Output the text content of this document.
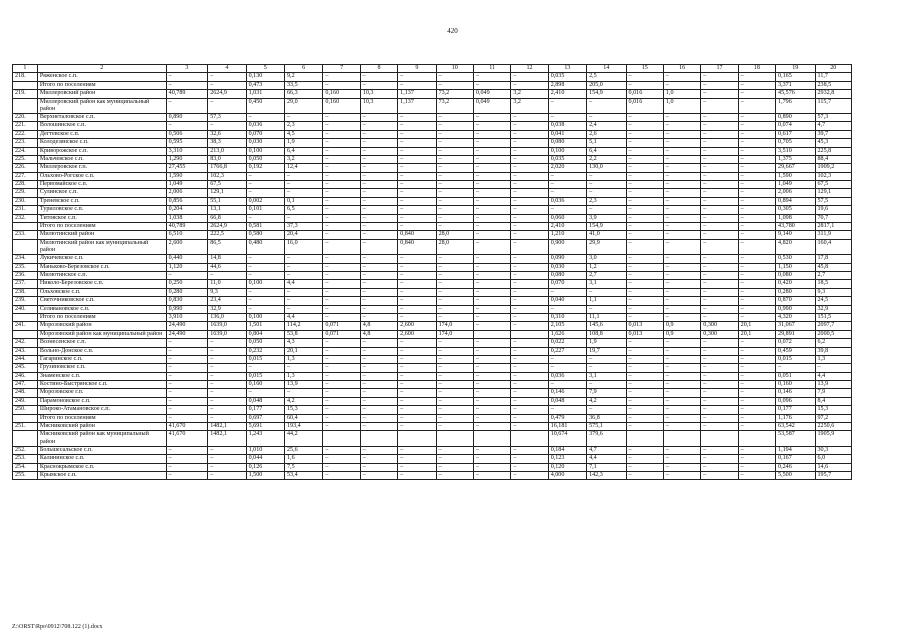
420
1	2	3	4	5	6	7	8	9	10	11	12	13	14	15	16	17	18	19	20
218.	Ряженское с.п.	–	–	0,130	9,2	–	–	–	–	–	–	0,035	2,5	–	–	–	–	0,165	11,7
	Итого по поселениям	–	–	0,473	33,5	–	–	–	–	–	–	2,898	205,0	–	–	–	–	3,371	238,5
219.	Миллеровский район	40,789	2624,9	1,031	66,3	0,160	10,3	1,137	73,2	0,049	3,2	2,410	154,9	0,016	1,0	–	–	45,576	2932,8
	Миллеровский район как муниципальный район	–	–	0,450	29,0	0,160	10,3	1,137	73,2	0,049	3,2	–	–	0,016	1,0	–	–	1,796	115,7
220.	Верхнеталовское с.п.	0,890	57,3	–	–	–	–	–	–	–	–	–	–	–	–	–	–	0,890	57,3
221.	Волошинское с.п.	–	–	0,036	2,3	–	–	–	–	–	–	0,038	2,4	–	–	–	–	0,074	4,7
222.	Дегтевское с.п.	0,506	32,6	0,070	4,5	–	–	–	–	–	–	0,041	2,6	–	–	–	–	0,617	39,7
223.	Колодезянское с.п.	0,595	38,3	0,030	1,9	–	–	–	–	–	–	0,080	5,1	–	–	–	–	0,705	45,3
224.	Криворожское с.п.	3,310	213,0	0,100	6,4	–	–	–	–	–	–	0,100	6,4	–	–	–	–	3,510	225,8
225.	Мальчевское с.п.	1,290	83,0	0,050	3,2	–	–	–	–	–	–	0,035	2,2	–	–	–	–	1,375	88,4
226.	Миллеровское г.п.	27,455	1766,8	0,192	12,4	–	–	–	–	–	–	2,020	130,0	–	–	–	–	29,667	1909,2
227.	Ольхово-Рогское с.п.	1,590	102,3	–	–	–	–	–	–	–	–	–	–	–	–	–	–	1,590	102,3
228.	Первомайское с.п.	1,049	67,5	–	–	–	–	–	–	–	–	–	–	–	–	–	–	1,049	67,5
229.	Сулинское с.п.	2,006	129,1	–	–	–	–	–	–	–	–	–	–	–	–	–	–	2,006	129,1
230.	Треневское с.п.	0,856	55,1	0,002	0,1	–	–	–	–	–	–	0,036	2,3	–	–	–	–	0,894	57,5
231.	Туриловское с.п.	0,204	13,1	0,101	6,5	–	–	–	–	–	–	–	–	–	–	–	–	0,305	19,6
232.	Титовское с.п.	1,038	66,8	–	–	–	–	–	–	–	–	0,060	3,9	–	–	–	–	1,098	70,7
	Итого по поселениям	40,789	2624,9	0,581	37,3	–	–	–	–	–	–	2,410	154,9	–	–	–	–	43,780	2817,1
233.	Милютинский район	6,510	222,5	0,580	20,4	–	–	0,840	28,0	–	–	1,210	41,0	–	–	–	–	9,140	311,9
	Милютинский район как муниципальный район	2,600	86,5	0,480	16,0	–	–	0,840	28,0	–	–	0,900	29,9	–	–	–	–	4,820	160,4
234.	Лукичевское с.п.	0,440	14,8	–	–	–	–	–	–	–	–	0,090	3,0	–	–	–	–	0,530	17,8
235.	Маньково-Березовское с.п.	1,120	44,6	–	–	–	–	–	–	–	–	0,030	1,2	–	–	–	–	1,150	45,8
236.	Милютинское с.п.	–	–	–	–	–	–	–	–	–	–	0,080	2,7	–	–	–	–	0,080	2,7
237.	Николо-Березовское с.п.	0,250	11,0	0,100	4,4	–	–	–	–	–	–	0,070	3,1	–	–	–	–	0,420	18,5
238.	Ольховское с.п.	0,280	9,3	–	–	–	–	–	–	–	–	–	–	–	–	–	–	0,280	9,3
239.	Светочниковское с.п.	0,830	23,4	–	–	–	–	–	–	–	–	0,040	1,1	–	–	–	–	0,870	24,5
240.	Селивановское с.п.	0,990	32,9	–	–	–	–	–	–	–	–	–	–	–	–	–	–	0,990	32,9
	Итого по поселениям	3,910	136,0	0,100	4,4	–	–	–	–	–	–	0,310	11,1	–	–	–	–	4,320	151,5
241.	Морозовский район	24,490	1639,0	1,501	114,2	0,071	4,8	2,600	174,0	–	–	2,105	145,6	0,013	0,9	0,300	20,1	31,067	2097,7
	Морозовский район как муниципальный район	24,490	1639,0	0,804	53,8	0,071	4,8	2,600	174,0			1,626	108,8	0,013	0,9	0,300	20,1	29,891	2000,5
242.	Вознесенское с.п.	–	–	0,050	4,3	–	–	–	–	–	–	0,022	1,9	–	–	–	–	0,072	6,2
243.	Вольно-Донское с.п.	–	–	0,232	20,1	–	–	–	–	–	–	0,227	19,7	–	–	–	–	0,459	39,8
244.	Гагаринское с.п.	–	–	0,015	1,3	–	–	–	–	–	–	–	–	–	–	–	–	0,015	1,3
245.	Грузиновское с.п.	–	–	–	–	–	–	–	–	–	–	–	–	–	–	–	–	–	–
246.	Знаменское с.п.	–	–	0,015	1,3	–	–	–	–	–	–	0,036	3,1	–	–	–	–	0,051	4,4
247.	Костино-Быстрянское с.п.	–	–	0,160	13,9	–	–	–	–	–	–	–	–	–	–	–	–	0,160	13,9
248.	Морозовское г.п.	–	–	–	–	–	–	–	–	–	–	0,146	7,9	–	–	–	–	0,146	7,9
249.	Парамоновское с.п.	–	–	0,048	4,2	–	–	–	–	–	–	0,048	4,2	–	–	–	–	0,096	8,4
250.	Широко-Атамановское с.п.	–	–	0,177	15,3	–	–	–	–	–	–	–	–	–	–	–	–	0,177	15,3
	Итого по поселениям	–	–	0,697	60,4	–	–	–	–	–	–	0,479	36,8	–	–	–	–	1,176	97,2
251.	Мясниковский район	41,670	1482,1	5,691	193,4	–	–	–	–	–	–	16,181	575,1	–	–	–	–	63,542	2250,6
	Мясниковский район как муниципальный район	41,670	1482,1	1,243	44,2							10,674	379,6					53,587	1905,9
252.	Большесальское с.п.	–	–	1,010	25,6	–	–	–	–	–	–	0,184	4,7	–	–	–	–	1,194	30,3
253.	Калининское с.п.	–	–	0,044	1,6	–	–	–	–	–	–	0,123	4,4	–	–	–	–	0,167	6,0
254.	Краснокрымское с.п.	–	–	0,126	7,5	–	–	–	–	–	–	0,120	7,1	–	–	–	–	0,246	14,6
255.	Крымское с.п.	–	–	1,500	53,4	–	–	–	–	–	–	4,000	142,3	–	–	–	–	5,500	195,7
Z:\ORST\Rpo\0912\708.122 (1).docx
